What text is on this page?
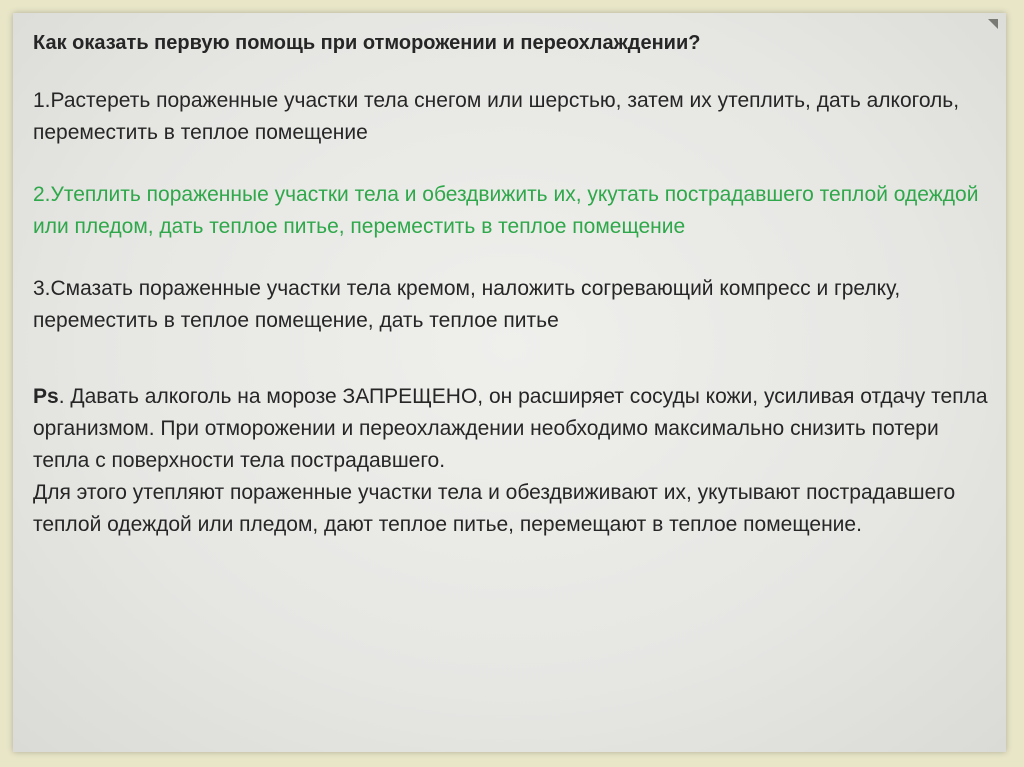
Как оказать первую помощь при отморожении и переохлаждении?
1.Растереть пораженные участки тела снегом или шерстью, затем их утеплить, дать алкоголь, переместить в теплое помещение
2.Утеплить пораженные участки тела и обездвижить их, укутать пострадавшего теплой одеждой или пледом, дать теплое питье, переместить в теплое помещение
3.Смазать пораженные участки тела кремом, наложить согревающий компресс и грелку, переместить в теплое помещение, дать теплое питье
Ps. Давать алкоголь на морозе ЗАПРЕЩЕНО, он расширяет сосуды кожи, усиливая отдачу тепла организмом. При отморожении и переохлаждении необходимо максимально снизить потери тепла с поверхности тела пострадавшего.
Для этого утепляют пораженные участки тела и обездвиживают их, укутывают пострадавшего теплой одеждой или пледом, дают теплое питье, перемещают в теплое помещение.
